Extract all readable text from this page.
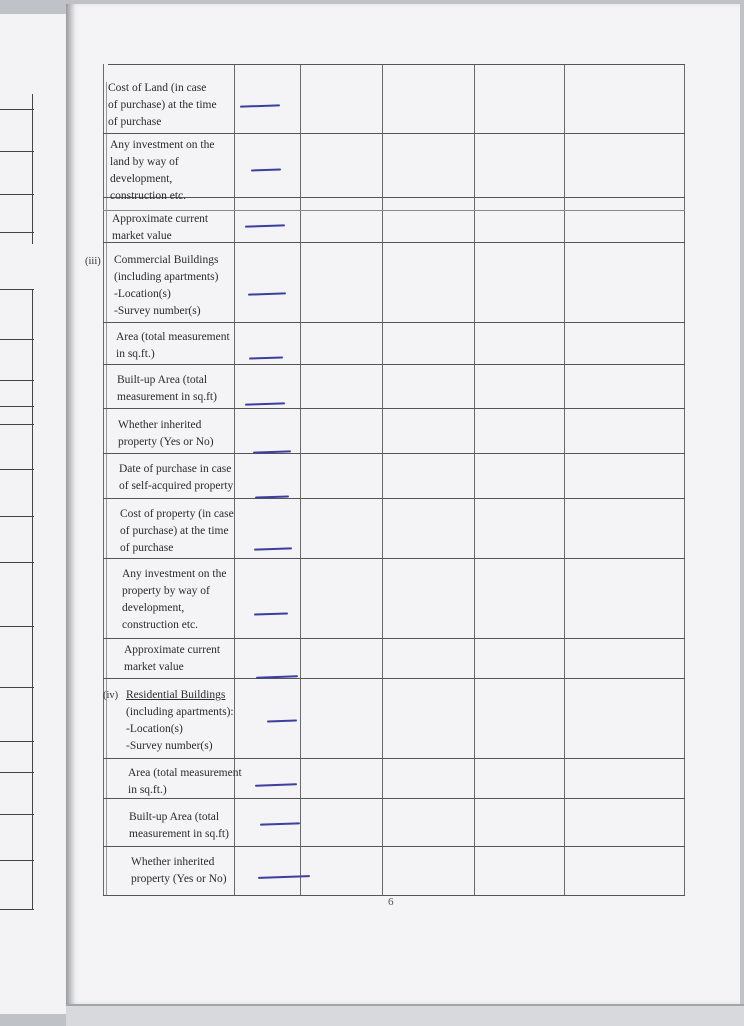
Cost of Land (in case
of purchase) at the time
of purchase
Any investment on the
land by way of
development,
construction etc.
Approximate current
market value
(iii) Commercial Buildings
(including apartments)
-Location(s)
-Survey number(s)
Area (total measurement
in sq.ft.)
Built-up Area (total
measurement in sq.ft)
Whether inherited
property (Yes or No)
Date of purchase in case
of self-acquired property
Cost of property (in case
of purchase) at the time
of purchase
Any investment on the
property by way of
development,
construction etc.
Approximate current
market value
(iv) Residential Buildings
(including apartments):
-Location(s)
-Survey number(s)
Area (total measurement
in sq.ft.)
Built-up Area (total
measurement in sq.ft)
Whether inherited
property (Yes or No)
6
